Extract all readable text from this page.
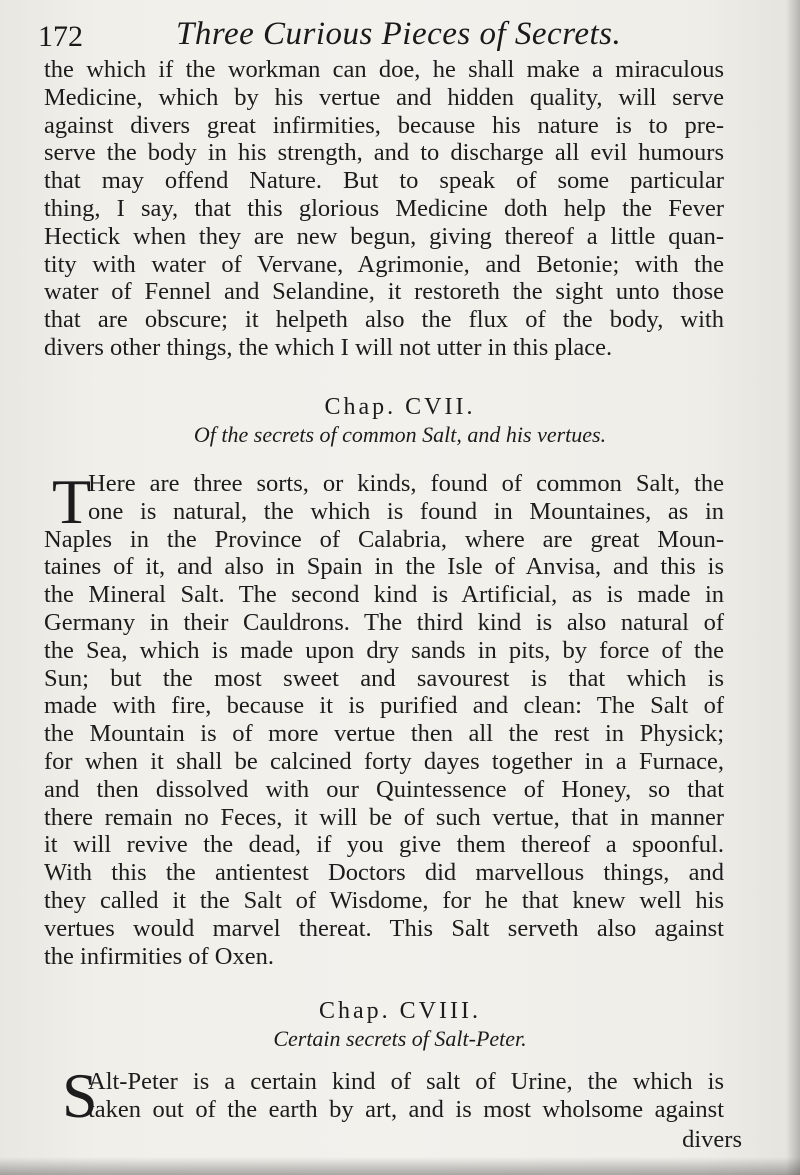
172	Three Curious Pieces of Secrets.
the which if the workman can doe, he shall make a miraculous
Medicine, which by his vertue and hidden quality, will serve
against divers great infirmities, because his nature is to pre-
serve the body in his strength, and to discharge all evil humours
that may offend Nature. But to speak of some particular
thing, I say, that this glorious Medicine doth help the Fever
Hectick when they are new begun, giving thereof a little quan-
tity with water of Vervane, Agrimonie, and Betonie; with the
water of Fennel and Selandine, it restoreth the sight unto those
that are obscure; it helpeth also the flux of the body, with
divers other things, the which I will not utter in this place.
Chap. CVII.
Of the secrets of common Salt, and his vertues.
T
Here are three sorts, or kinds, found of common Salt, the
one is natural, the which is found in Mountaines, as in
Naples in the Province of Calabria, where are great Moun-
taines of it, and also in Spain in the Isle of Anvisa, and this is
the Mineral Salt. The second kind is Artificial, as is made in
Germany in their Cauldrons. The third kind is also natural of
the Sea, which is made upon dry sands in pits, by force of the
Sun; but the most sweet and savourest is that which is
made with fire, because it is purified and clean: The Salt of
the Mountain is of more vertue then all the rest in Physick;
for when it shall be calcined forty dayes together in a Furnace,
and then dissolved with our Quintessence of Honey, so that
there remain no Feces, it will be of such vertue, that in manner
it will revive the dead, if you give them thereof a spoonful.
With this the antientest Doctors did marvellous things, and
they called it the Salt of Wisdome, for he that knew well his
vertues would marvel thereat. This Salt serveth also against
the infirmities of Oxen.
Chap. CVIII.
Certain secrets of Salt-Peter.
S
Alt-Peter is a certain kind of salt of Urine, the which is
taken out of the earth by art, and is most wholsome against
divers
